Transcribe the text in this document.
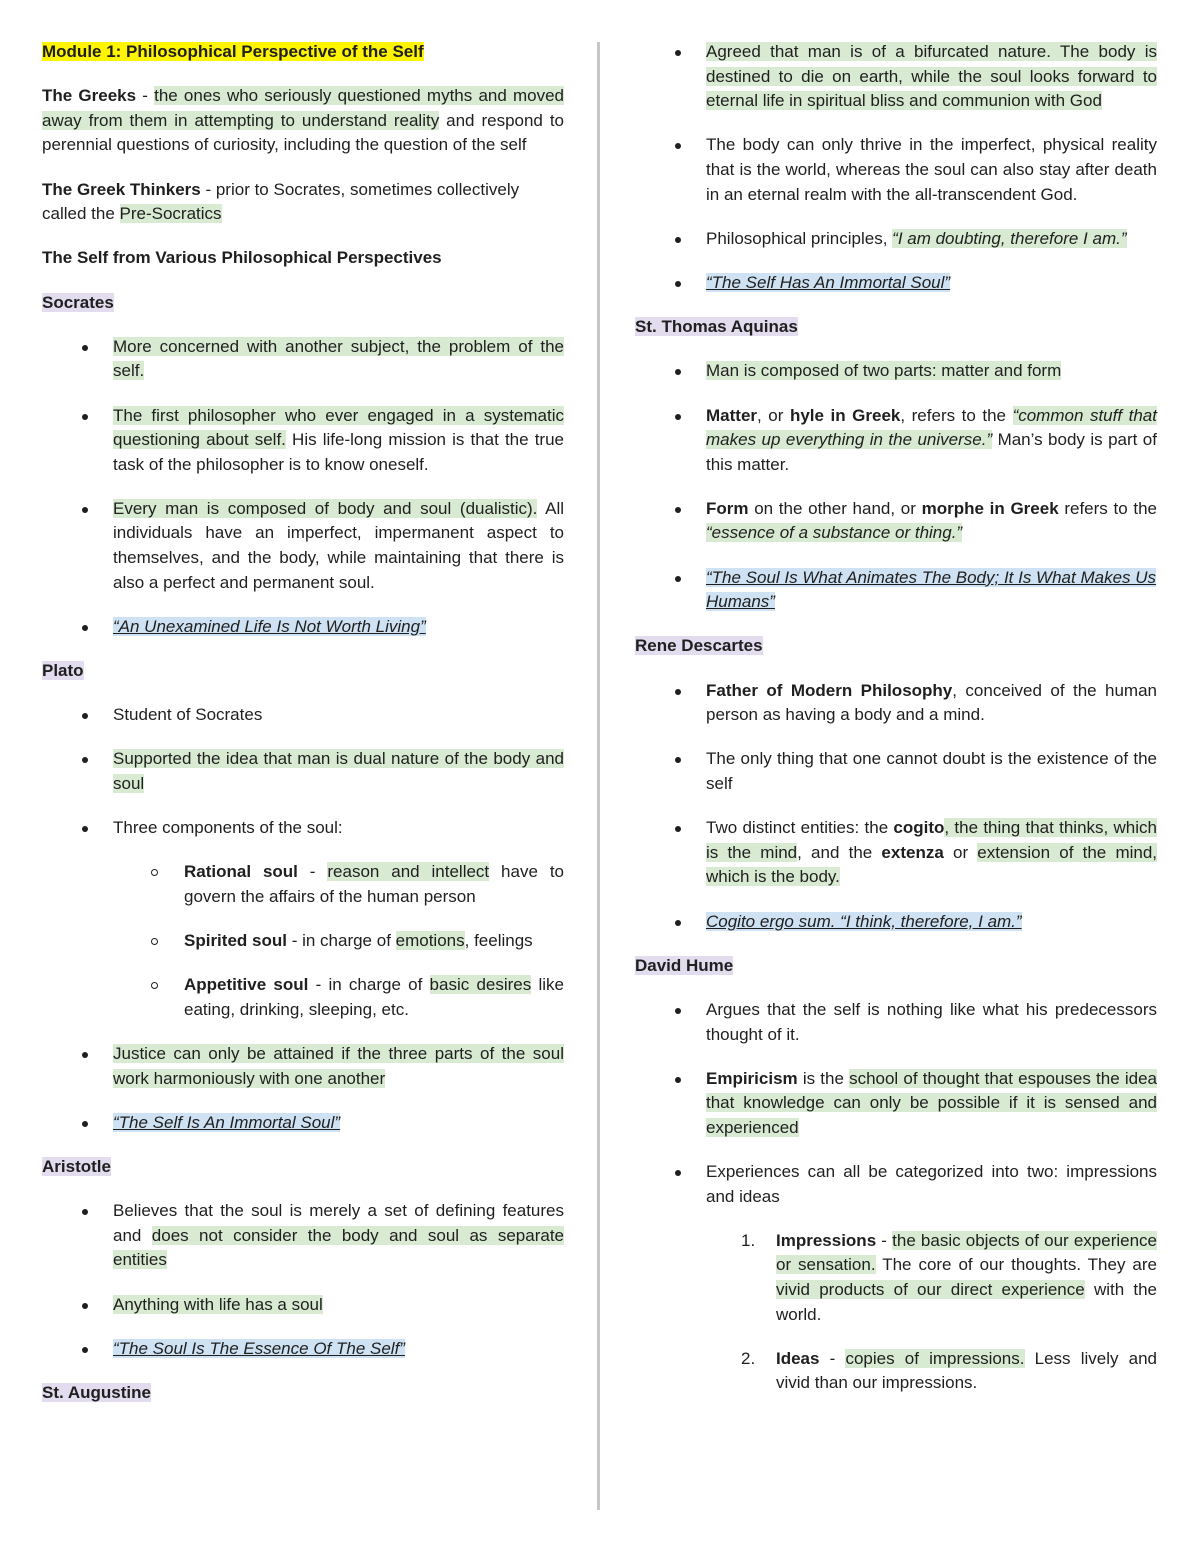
Module 1: Philosophical Perspective of the Self

The Greeks - the ones who seriously questioned myths and moved away from them in attempting to understand reality and respond to perennial questions of curiosity, including the question of the self

The Greek Thinkers - prior to Socrates, sometimes collectively called the Pre-Socratics

The Self from Various Philosophical Perspectives

Socrates
More concerned with another subject, the problem of the self.
The first philosopher who ever engaged in a systematic questioning about self. His life-long mission is that the true task of the philosopher is to know oneself.
Every man is composed of body and soul (dualistic). All individuals have an imperfect, impermanent aspect to themselves, and the body, while maintaining that there is also a perfect and permanent soul.
“An Unexamined Life Is Not Worth Living”
Plato
Student of Socrates
Supported the idea that man is dual nature of the body and soul
Three components of the soul:
Rational soul - reason and intellect have to govern the affairs of the human person
Spirited soul - in charge of emotions, feelings
Appetitive soul - in charge of basic desires like eating, drinking, sleeping, etc.
Justice can only be attained if the three parts of the soul work harmoniously with one another
“The Self Is An Immortal Soul”
Aristotle
Believes that the soul is merely a set of defining features and does not consider the body and soul as separate entities
Anything with life has a soul
“The Soul Is The Essence Of The Self”
St. Augustine
Agreed that man is of a bifurcated nature. The body is destined to die on earth, while the soul looks forward to eternal life in spiritual bliss and communion with God
The body can only thrive in the imperfect, physical reality that is the world, whereas the soul can also stay after death in an eternal realm with the all-transcendent God.
Philosophical principles, “I am doubting, therefore I am.”
“The Self Has An Immortal Soul”
St. Thomas Aquinas
Man is composed of two parts: matter and form
Matter, or hyle in Greek, refers to the “common stuff that makes up everything in the universe.” Man’s body is part of this matter.
Form on the other hand, or morphe in Greek refers to the “essence of a substance or thing.”
“The Soul Is What Animates The Body; It Is What Makes Us Humans”
Rene Descartes
Father of Modern Philosophy, conceived of the human person as having a body and a mind.
The only thing that one cannot doubt is the existence of the self
Two distinct entities: the cogito, the thing that thinks, which is the mind, and the extenza or extension of the mind, which is the body.
Cogito ergo sum. “I think, therefore, I am.”
David Hume
Argues that the self is nothing like what his predecessors thought of it.
Empiricism is the school of thought that espouses the idea that knowledge can only be possible if it is sensed and experienced
Experiences can all be categorized into two: impressions and ideas
1. Impressions - the basic objects of our experience or sensation. The core of our thoughts. They are vivid products of our direct experience with the world.
2. Ideas - copies of impressions. Less lively and vivid than our impressions.
